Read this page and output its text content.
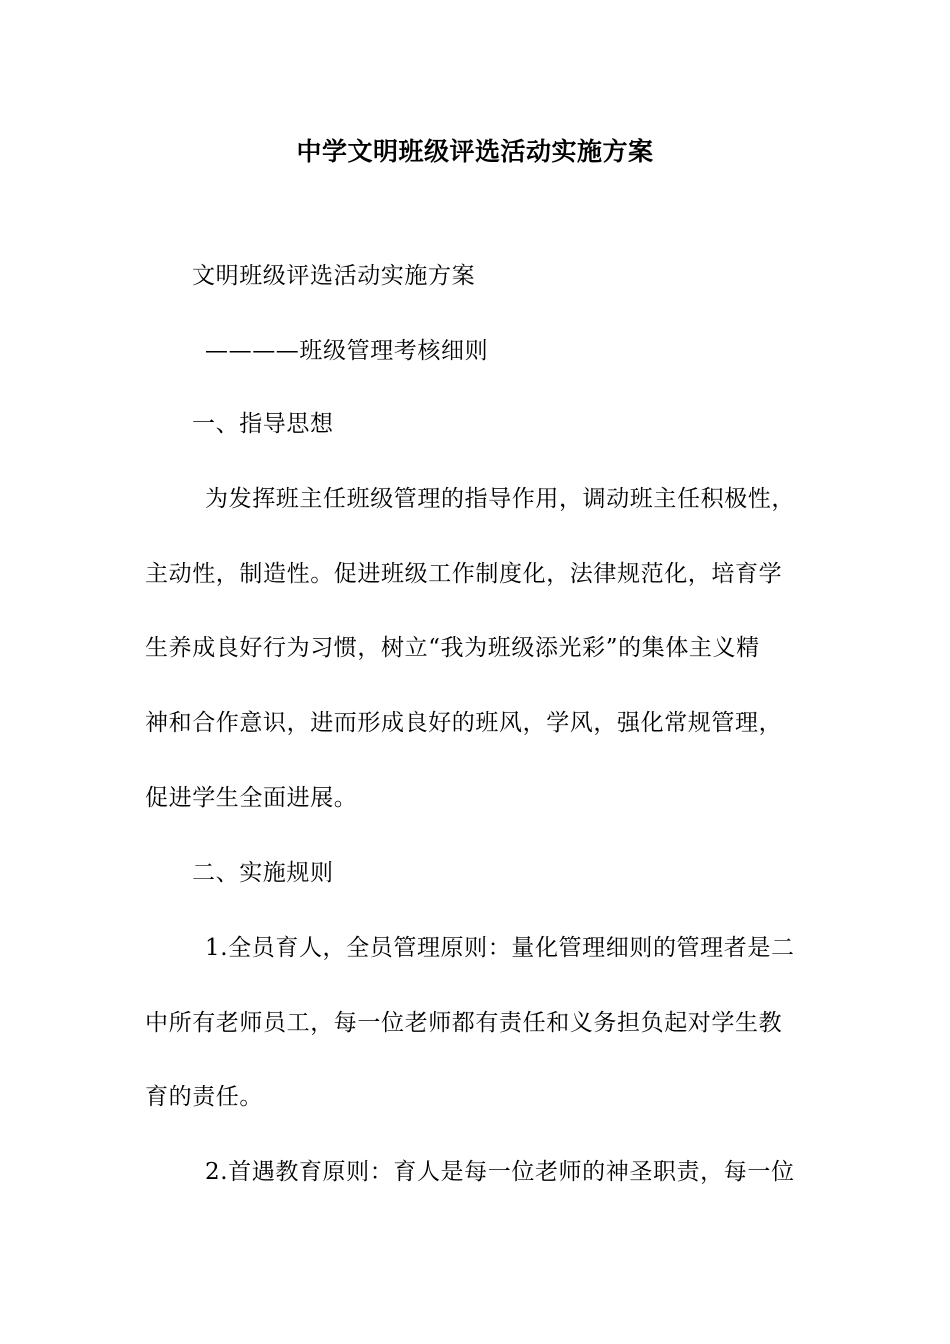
中学文明班级评选活动实施方案
文明班级评选活动实施方案
————班级管理考核细则
一、指导思想
为发挥班主任班级管理的指导作用，调动班主任积极性，
主动性，制造性。促进班级工作制度化，法律规范化，培育学
生养成良好行为习惯，树立“我为班级添光彩”的集体主义精
神和合作意识，进而形成良好的班风，学风，强化常规管理，
促进学生全面进展。
二、实施规则
1.全员育人，全员管理原则：量化管理细则的管理者是二
中所有老师员工，每一位老师都有责任和义务担负起对学生教
育的责任。
2.首遇教育原则：育人是每一位老师的神圣职责，每一位
